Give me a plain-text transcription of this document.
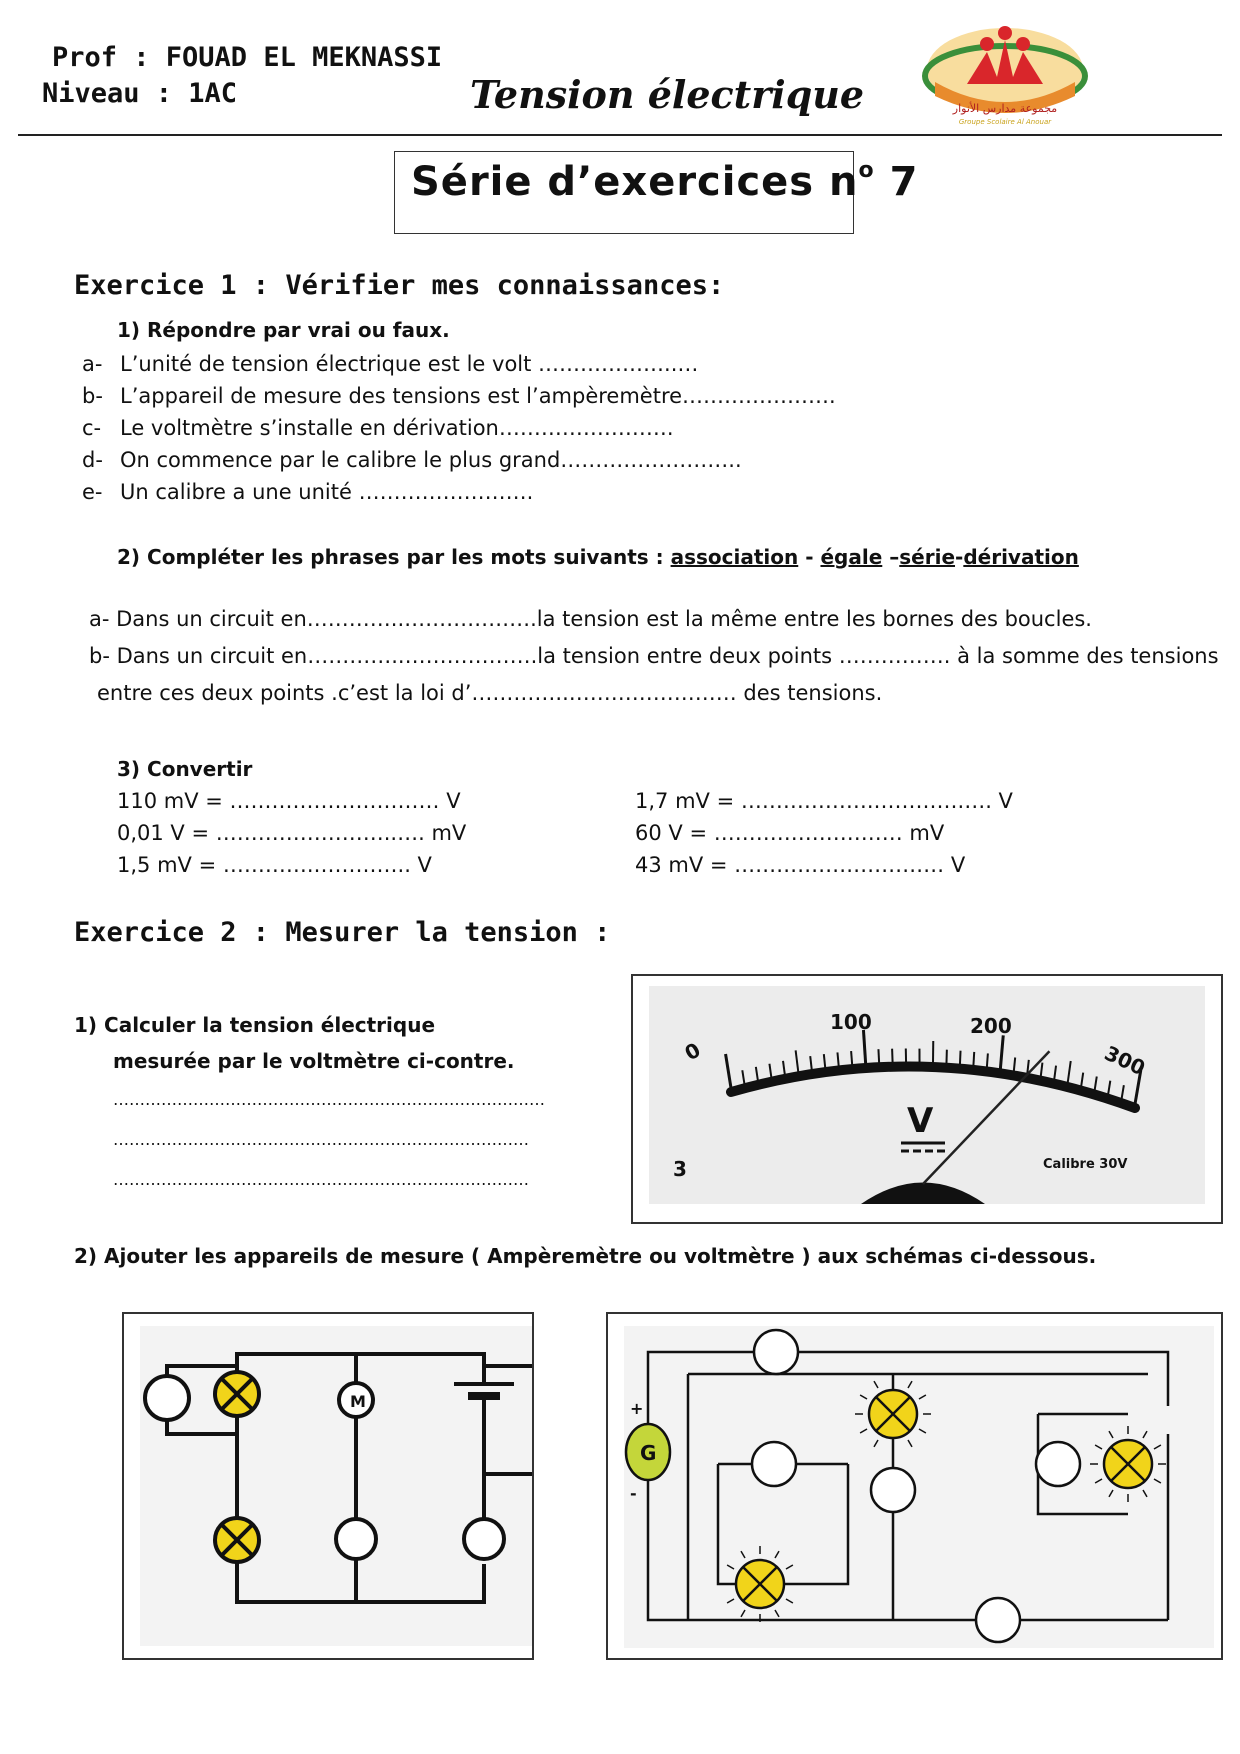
Prof : FOUAD EL MEKNASSI
Niveau : 1AC	Tension électrique	مجموعة مدارس الأنوار
Groupe Scolaire Al Anouar
Série d’exercices $n^o$ 7
Exercice 1 : Vérifier mes connaissances:
1) Répondre par vrai ou faux.
a- L’unité de tension électrique est le volt ………………..…
b- L’appareil de mesure des tensions est l’ampèremètre………………….
c- Le voltmètre s’installe en dérivation…………………….
d- On commence par le calibre le plus grand……………………..
e- Un calibre a une unité …………………….
2) Compléter les phrases par les mots suivants : association - égale –série-dérivation
a- Dans un circuit en…………..……………….la tension est la même entre les bornes des boucles.
b- Dans un circuit en…………..……………….la tension entre deux points ……………. à la somme des tensions
entre ces deux points .c’est la loi d’…………..…………………… des tensions.
3) Convertir
110 mV = ………………………… V
0,01 V = ……………………..…. mV
1,5 mV = ………….………….. V
1,7 mV = ……………….………….…. V
60 V = ……………………… mV
43 mV = ………………………… V
Exercice 2 : Mesurer la tension :
1) Calculer la tension électrique
mesurée par le voltmètre ci-contre.
………………………………………………………………………
……………………………………………………………………
……………………………………………………………………
0
100	200
300
V
3	Calibre 30V
2) Ajouter les appareils de mesure ( Ampèremètre ou voltmètre ) aux schémas ci-dessous.
M
G
+
-
